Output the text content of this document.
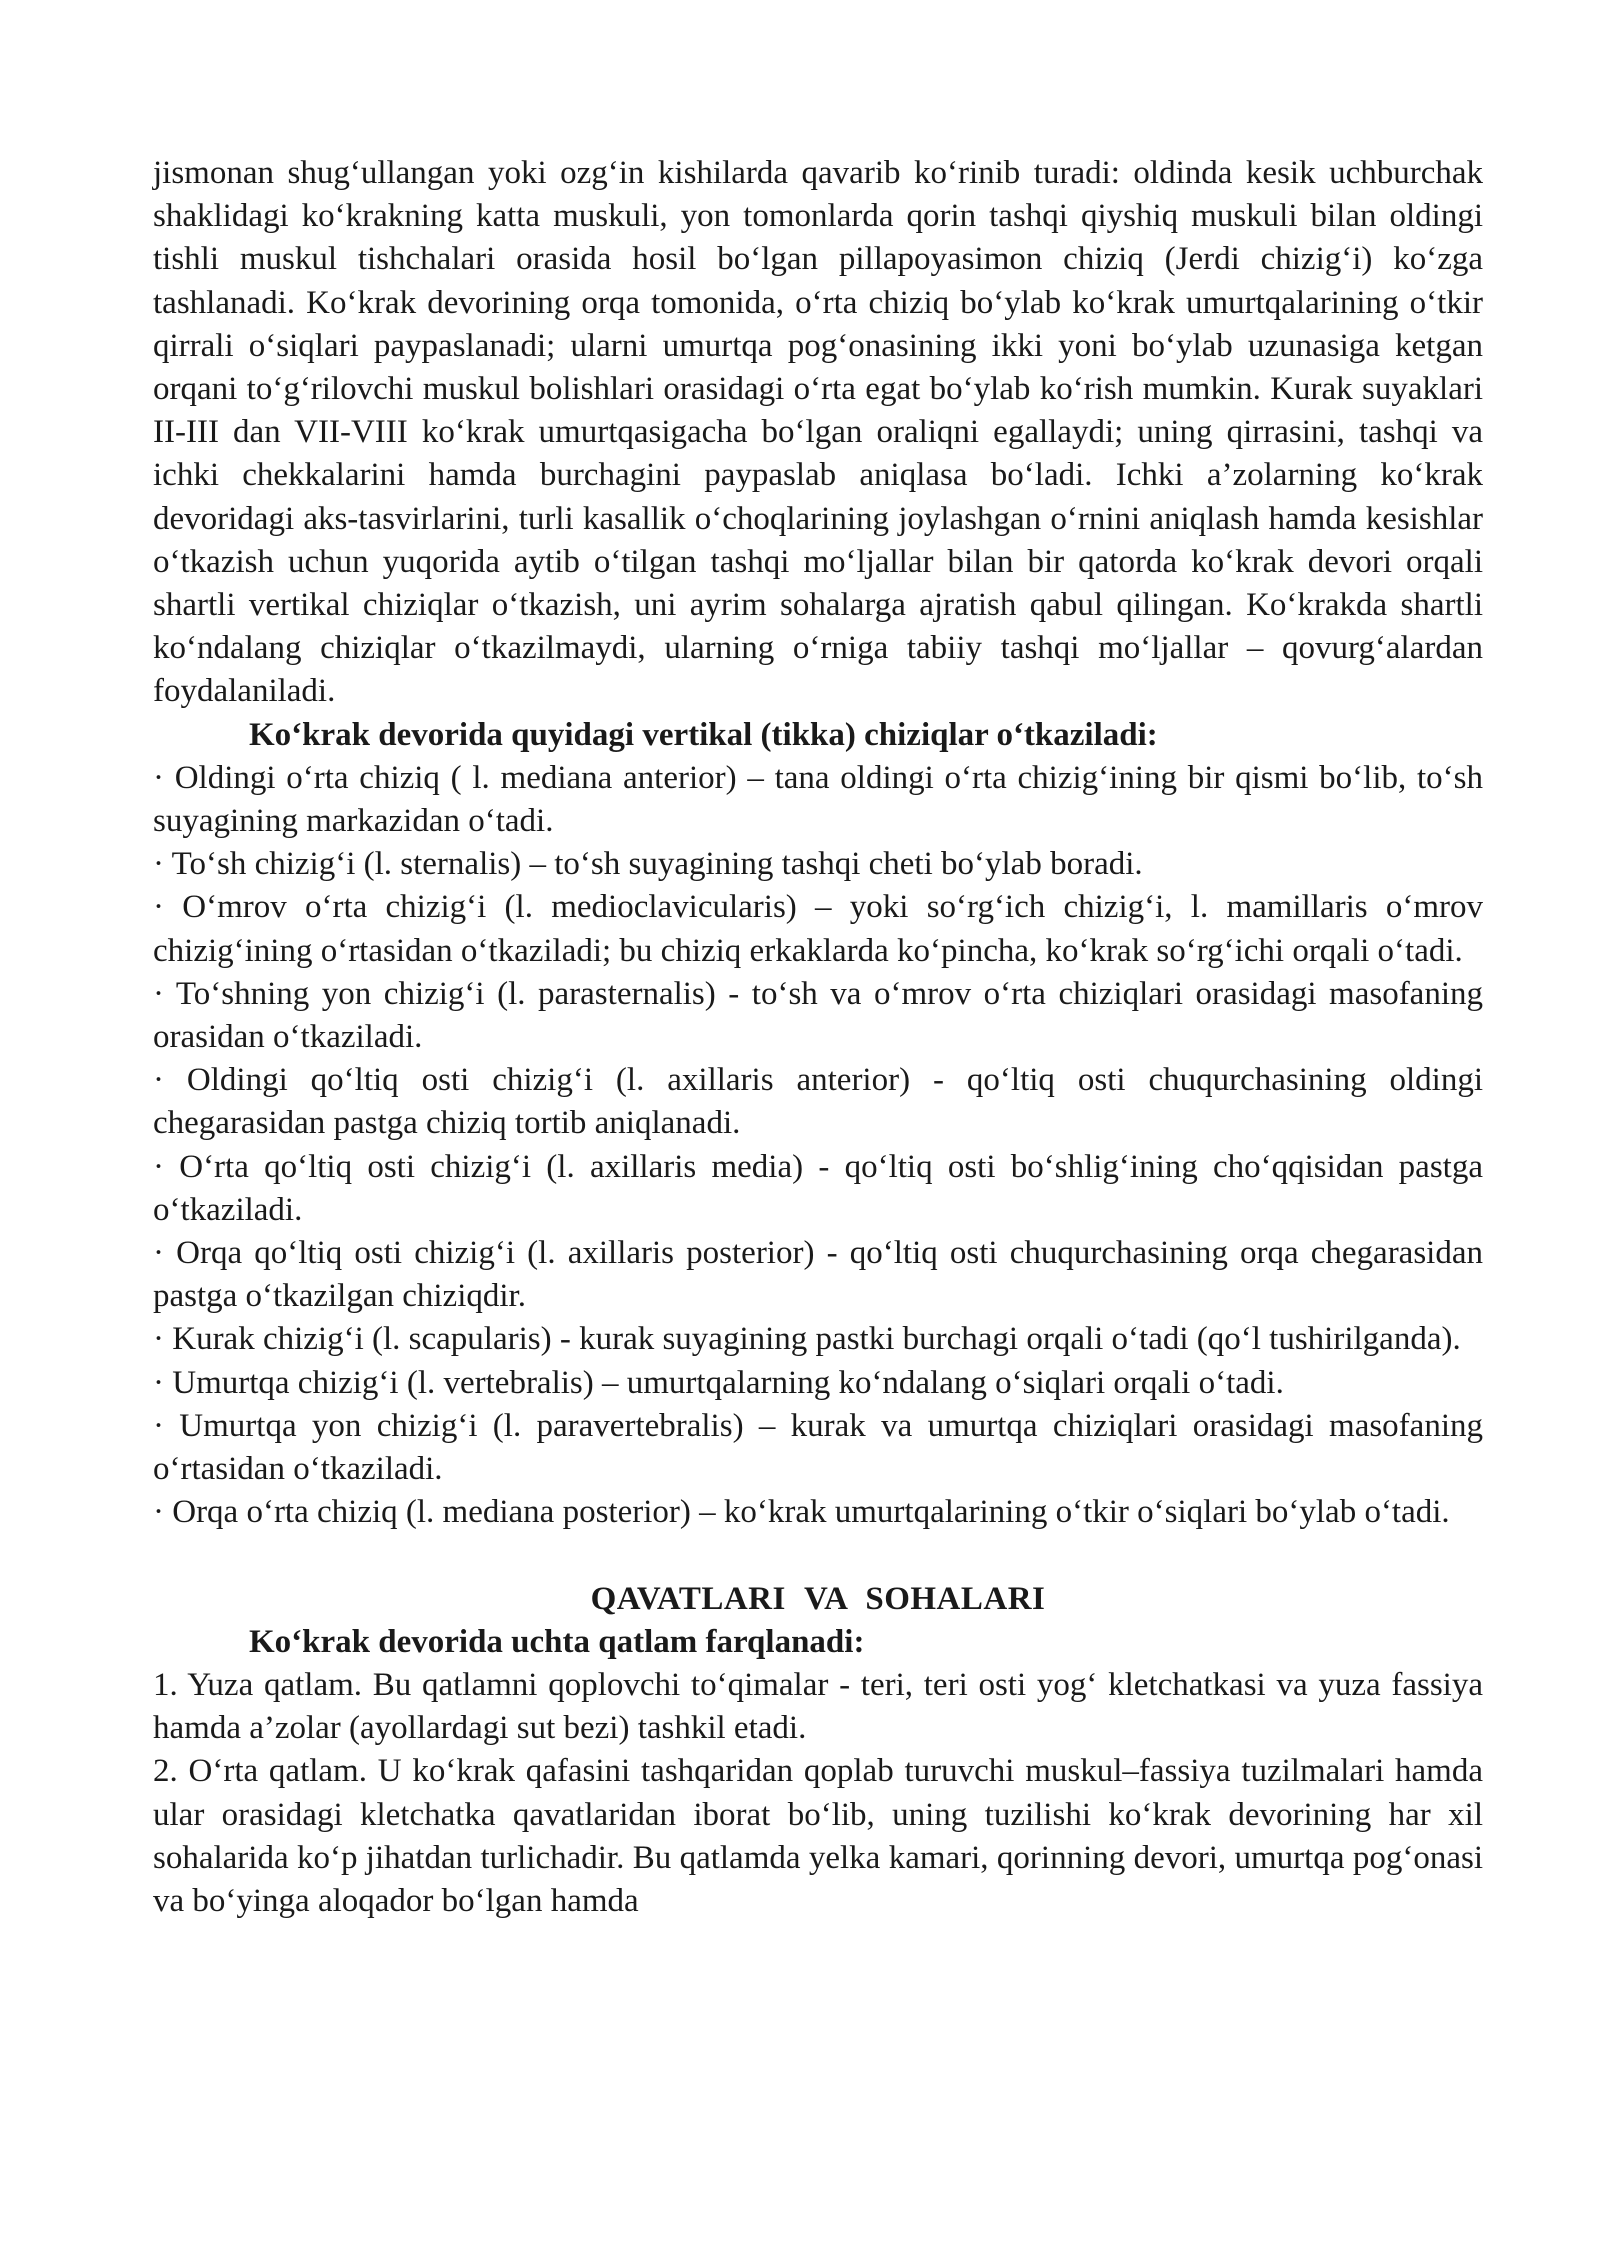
jismonan shug‘ullangan yoki ozg‘in kishilarda qavarib ko‘rinib turadi: oldinda kesik uchburchak shaklidagi ko‘krakning katta muskuli, yon tomonlarda qorin tashqi qiyshiq muskuli bilan oldingi tishli muskul tishchalari orasida hosil bo‘lgan pillapoyasimon chiziq (Jerdi chizig‘i) ko‘zga tashlanadi. Ko‘krak devorining orqa tomonida, o‘rta chiziq bo‘ylab ko‘krak umurtqalarining o‘tkir qirrali o‘siqlari paypaslanadi; ularni umurtqa pog‘onasining ikki yoni bo‘ylab uzunasiga ketgan orqani to‘g‘rilovchi muskul bolishlari orasidagi o‘rta egat bo‘ylab ko‘rish mumkin. Kurak suyaklari II-III dan VII-VIII ko‘krak umurtqasigacha bo‘lgan oraliqni egallaydi; uning qirrasini, tashqi va ichki chekkalarini hamda burchagini paypaslab aniqlasa bo‘ladi. Ichki a’zolarning ko‘krak devoridagi aks-tasvirlarini, turli kasallik o‘choqlarining joylashgan o‘rnini aniqlash hamda kesishlar o‘tkazish uchun yuqorida aytib o‘tilgan tashqi mo‘ljallar bilan bir qatorda ko‘krak devori orqali shartli vertikal chiziqlar o‘tkazish, uni ayrim sohalarga ajratish qabul qilingan. Ko‘krakda shartli ko‘ndalang chiziqlar o‘tkazilmaydi, ularning o‘rniga tabiiy tashqi mo‘ljallar – qovurg‘alardan foydalaniladi.

Ko‘krak devorida quyidagi vertikal (tikka) chiziqlar o‘tkaziladi:

· Oldingi o‘rta chiziq ( l. mediana anterior) – tana oldingi o‘rta chizig‘ining bir qismi bo‘lib, to‘sh suyagining markazidan o‘tadi.

· To‘sh chizig‘i (l. sternalis) – to‘sh suyagining tashqi cheti bo‘ylab boradi.

· O‘mrov o‘rta chizig‘i (l. medioclavicularis) – yoki so‘rg‘ich chizig‘i, l. mamillaris o‘mrov chizig‘ining o‘rtasidan o‘tkaziladi; bu chiziq erkaklarda ko‘pincha, ko‘krak so‘rg‘ichi orqali o‘tadi.

· To‘shning yon chizig‘i (l. parasternalis) - to‘sh va o‘mrov o‘rta chiziqlari orasidagi masofaning orasidan o‘tkaziladi.

· Oldingi qo‘ltiq osti chizig‘i (l. axillaris anterior) - qo‘ltiq osti chuqurchasining oldingi chegarasidan pastga chiziq tortib aniqlanadi.

· O‘rta qo‘ltiq osti chizig‘i (l. axillaris media) - qo‘ltiq osti bo‘shlig‘ining cho‘qqisidan pastga o‘tkaziladi.

· Orqa qo‘ltiq osti chizig‘i (l. axillaris posterior) - qo‘ltiq osti chuqurchasining orqa chegarasidan pastga o‘tkazilgan chiziqdir.

· Kurak chizig‘i (l. scapularis) - kurak suyagining pastki burchagi orqali o‘tadi (qo‘l tushirilganda).

· Umurtqa chizig‘i (l. vertebralis) – umurtqalarning ko‘ndalang o‘siqlari orqali o‘tadi.

· Umurtqa yon chizig‘i (l. paravertebralis) – kurak va umurtqa chiziqlari orasidagi masofaning o‘rtasidan o‘tkaziladi.

· Orqa o‘rta chiziq (l. mediana posterior) – ko‘krak umurtqalarining o‘tkir o‘siqlari bo‘ylab o‘tadi.

QAVATLARI VA SOHALARI

Ko‘krak devorida uchta qatlam farqlanadi:

1. Yuza qatlam. Bu qatlamni qoplovchi to‘qimalar - teri, teri osti yog‘ kletchatkasi va yuza fassiya hamda a’zolar (ayollardagi sut bezi) tashkil etadi.

2. O‘rta qatlam. U ko‘krak qafasini tashqaridan qoplab turuvchi muskul–fassiya tuzilmalari hamda ular orasidagi kletchatka qavatlaridan iborat bo‘lib, uning tuzilishi ko‘krak devorining har xil sohalarida ko‘p jihatdan turlichadir. Bu qatlamda yelka kamari, qorinning devori, umurtqa pog‘onasi va bo‘yinga aloqador bo‘lgan hamda
